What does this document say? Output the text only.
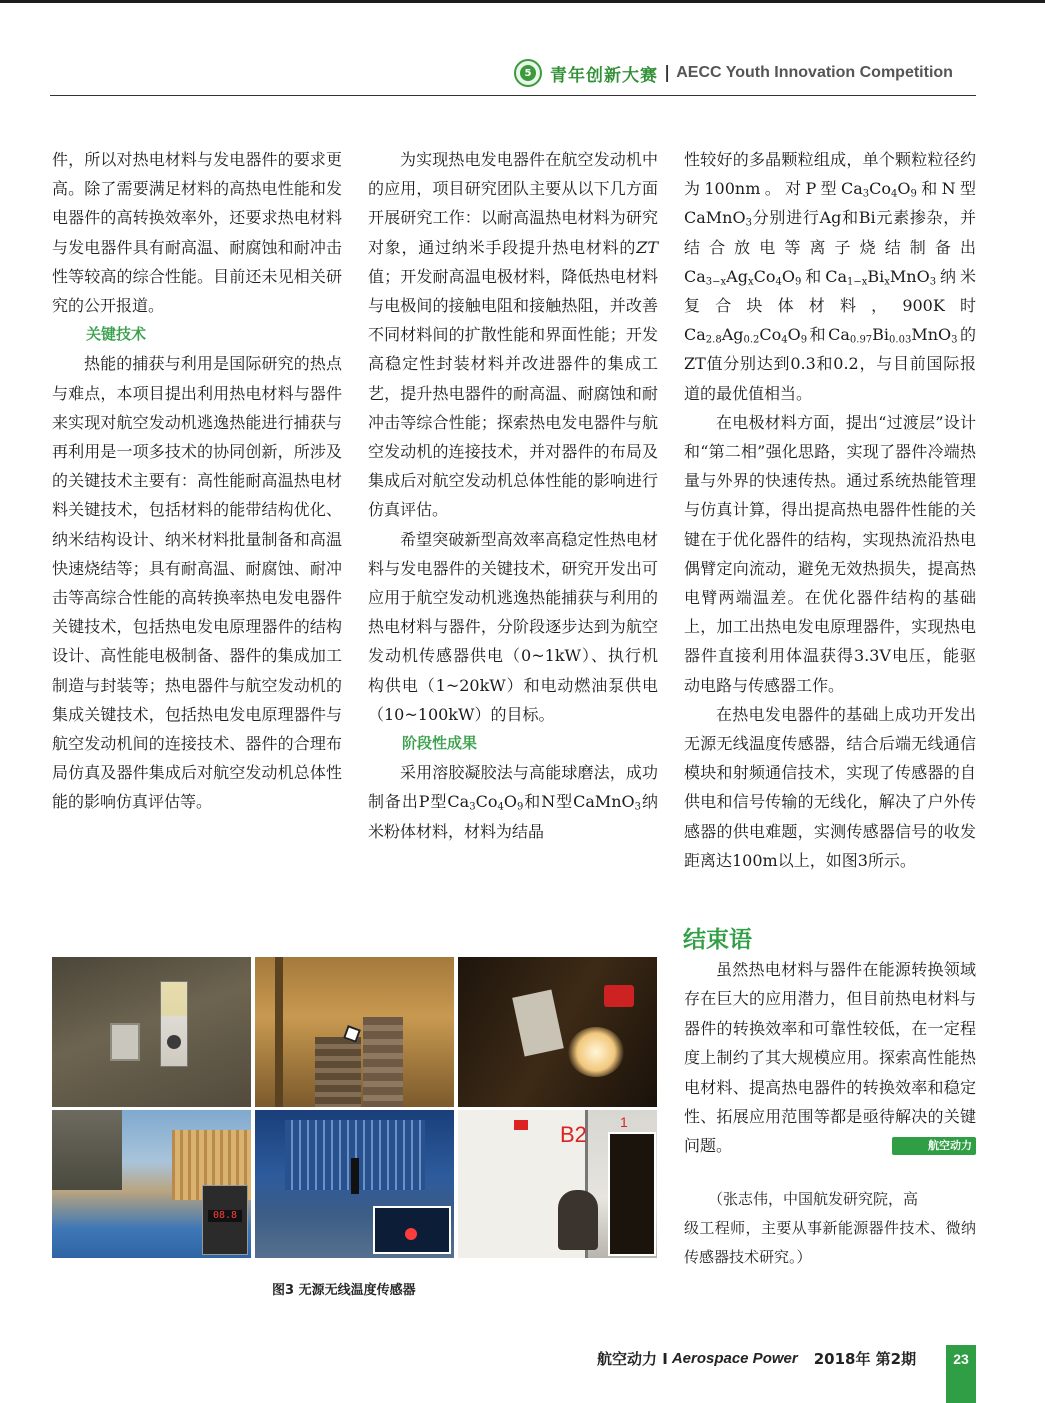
5 青年创新大赛 | AECC Youth Innovation Competition

件，所以对热电材料与发电器件的要求更高。除了需要满足材料的高热电性能和发电器件的高转换效率外，还要求热电材料与发电器件具有耐高温、耐腐蚀和耐冲击性等较高的综合性能。目前还未见相关研究的公开报道。

关键技术

热能的捕获与利用是国际研究的热点与难点，本项目提出利用热电材料与器件来实现对航空发动机逃逸热能进行捕获与再利用是一项多技术的协同创新，所涉及的关键技术主要有：高性能耐高温热电材料关键技术，包括材料的能带结构优化、纳米结构设计、纳米材料批量制备和高温快速烧结等；具有耐高温、耐腐蚀、耐冲击等高综合性能的高转换率热电发电器件关键技术，包括热电发电原理器件的结构设计、高性能电极制备、器件的集成加工制造与封装等；热电器件与航空发动机的集成关键技术，包括热电发电原理器件与航空发动机间的连接技术、器件的合理布局仿真及器件集成后对航空发动机总体性能的影响仿真评估等。

为实现热电发电器件在航空发动机中的应用，项目研究团队主要从以下几方面开展研究工作：以耐高温热电材料为研究对象，通过纳米手段提升热电材料的ZT值；开发耐高温电极材料，降低热电材料与电极间的接触电阻和接触热阻，并改善不同材料间的扩散性能和界面性能；开发高稳定性封装材料并改进器件的集成工艺，提升热电器件的耐高温、耐腐蚀和耐冲击等综合性能；探索热电发电器件与航空发动机的连接技术，并对器件的布局及集成后对航空发动机总体性能的影响进行仿真评估。

希望突破新型高效率高稳定性热电材料与发电器件的关键技术，研究开发出可应用于航空发动机逃逸热能捕获与利用的热电材料与器件，分阶段逐步达到为航空发动机传感器供电（0~1kW）、执行机构供电（1~20kW）和电动燃油泵供电（10~100kW）的目标。

阶段性成果

采用溶胶凝胶法与高能球磨法，成功制备出P型$Ca_3Co_4O_9$和N型CaMnO$_3$纳米粉体材料，材料为结晶

性较好的多晶颗粒组成，单个颗粒粒径约为100nm。对P型$Ca_3Co_4O_9$和N型CaMnO$_3$分别进行Ag和Bi元素掺杂，并结合放电等离子烧结制备出$Ca_{3-x}Ag_xCo_4O_9$和$Ca_{1-x}Bi_xMnO_3$纳米复合块体材料，900K时$Ca_{2.8}Ag_{0.2}Co_4O_9$和$Ca_{0.97}Bi_{0.03}MnO_3$的ZT值分别达到0.3和0.2，与目前国际报道的最优值相当。

在电极材料方面，提出“过渡层”设计和“第二相”强化思路，实现了器件冷端热量与外界的快速传热。通过系统热能管理与仿真计算，得出提高热电器件性能的关键在于优化器件的结构，实现热流沿热电偶臂定向流动，避免无效热损失，提高热电臂两端温差。在优化器件结构的基础上，加工出热电发电原理器件，实现热电器件直接利用体温获得3.3V电压，能驱动电路与传感器工作。

在热电发电器件的基础上成功开发出无源无线温度传感器，结合后端无线通信模块和射频通信技术，实现了传感器的自供电和信号传输的无线化，解决了户外传感器的供电难题，实测传感器信号的收发距离达100m以上，如图3所示。

结束语

虽然热电材料与器件在能源转换领域存在巨大的应用潜力，但目前热电材料与器件的转换效率和可靠性较低，在一定程度上制约了其大规模应用。探索高性能热电材料、提高热电器件的转换效率和稳定性、拓展应用范围等都是亟待解决的关键问题。	航空动力

（张志伟，中国航发研究院，高
级工程师，主要从事新能源器件技术、微纳传感器技术研究。）
08.8
B2 1
图3 无源无线温度传感器
航空动力 I Aerospace Power 2018年 第2期	23
